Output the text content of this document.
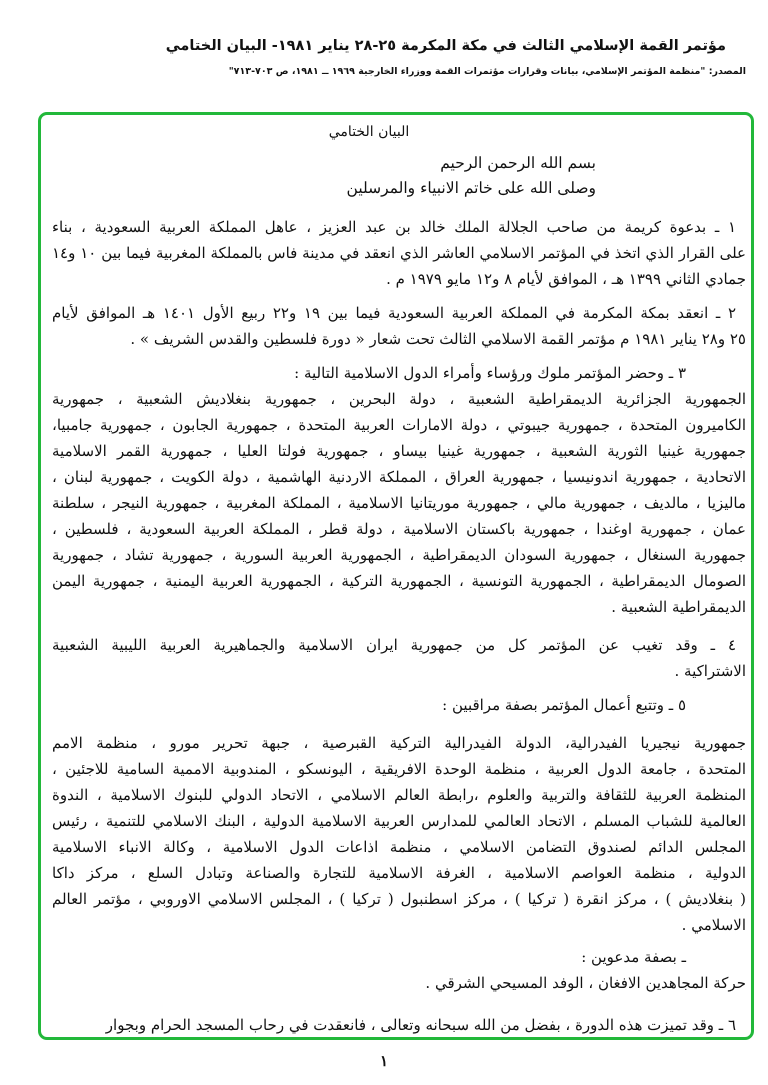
مؤتمر القمة الإسلامي الثالث في مكة المكرمة ٢٥-٢٨ يناير ١٩٨١- البيان الختامي
المصدر: "منظمة المؤتمر الإسلامي، بيانات وقرارات مؤتمرات القمة ووزراء الخارجية ١٩٦٩ ــ ١٩٨١، ص ٧٠٣-٧١٣"
البيان الختامي
بسم الله الرحمن الرحيم
وصلى الله على خاتم الانبياء والمرسلين
١ ـ بدعوة كريمة من صاحب الجلالة الملك خالد بن عبد العزيز ، عاهل المملكة العربية السعودية ، بناء
على القرار الذي اتخذ في المؤتمر الاسلامي العاشر الذي انعقد في مدينة فاس بالمملكة المغربية فيما بين ١٠ و١٤
جمادي الثاني ١٣٩٩ هـ ، الموافق لأيام ٨ و١٢ مايو ١٩٧٩ م .
٢ ـ انعقد بمكة المكرمة في المملكة العربية السعودية فيما بين ١٩ و٢٢ ربيع الأول ١٤٠١ هـ الموافق لأيام
٢٥ و٢٨ يناير ١٩٨١ م مؤتمر القمة الاسلامي الثالث تحت شعار « دورة فلسطين والقدس الشريف » .
٣ ـ وحضر المؤتمر ملوك ورؤساء وأمراء الدول الاسلامية التالية :
الجمهورية الجزائرية الديمقراطية الشعبية ، دولة البحرين ، جمهورية بنغلاديش الشعبية ، جمهورية
الكاميرون المتحدة ، جمهورية جيبوتي ، دولة الامارات العربية المتحدة ، جمهورية الجابون ، جمهورية جامبيا،
جمهورية غينيا الثورية الشعبية ، جمهورية غينيا بيساو ، جمهورية فولتا العليا ، جمهورية القمر الاسلامية
الاتحادية ، جمهورية اندونيسيا ، جمهورية العراق ، المملكة الاردنية الهاشمية ، دولة الكويت ، جمهورية لبنان ،
ماليزيا ، مالديف ، جمهورية مالي ، جمهورية موريتانيا الاسلامية ، المملكة المغربية ، جمهورية النيجر ، سلطنة
عمان ، جمهورية اوغندا ، جمهورية باكستان الاسلامية ، دولة قطر ، المملكة العربية السعودية ، فلسطين ،
جمهورية السنغال ، جمهورية السودان الديمقراطية ، الجمهورية العربية السورية ، جمهورية تشاد ، جمهورية
الصومال الديمقراطية ، الجمهورية التونسية ، الجمهورية التركية ، الجمهورية العربية اليمنية ، جمهورية اليمن
الديمقراطية الشعبية .
٤ ـ وقد تغيب عن المؤتمر كل من جمهورية ايران الاسلامية والجماهيرية العربية الليبية الشعبية
الاشتراكية .
٥ ـ وتتبع أعمال المؤتمر بصفة مراقبين :
جمهورية نيجيريا الفيدرالية، الدولة الفيدرالية التركية القبرصية ، جبهة تحرير مورو ، منظمة الامم
المتحدة ، جامعة الدول العربية ، منظمة الوحدة الافريقية ، اليونسكو ، المندوبية الاممية السامية للاجئين ،
المنظمة العربية للثقافة والتربية والعلوم ،رابطة العالم الاسلامي ، الاتحاد الدولي للبنوك الاسلامية ، الندوة
العالمية للشباب المسلم ، الاتحاد العالمي للمدارس العربية الاسلامية الدولية ، البنك الاسلامي للتنمية ، رئيس
المجلس الدائم لصندوق التضامن الاسلامي ، منظمة اذاعات الدول الاسلامية ، وكالة الانباء الاسلامية
الدولية ، منظمة العواصم الاسلامية ، الغرفة الاسلامية للتجارة والصناعة وتبادل السلع ، مركز داكا
( بنغلاديش ) ، مركز انقرة ( تركيا ) ، مركز اسطنبول ( تركيا ) ، المجلس الاسلامي الاوروبي ، مؤتمر العالم
الاسلامي .
ـ بصفة مدعوين :
حركة المجاهدين الافغان ، الوفد المسيحي الشرقي .
٦ ـ وقد تميزت هذه الدورة ، بفضل من الله سبحانه وتعالى ، فانعقدت في رحاب المسجد الحرام وبجوار
١
